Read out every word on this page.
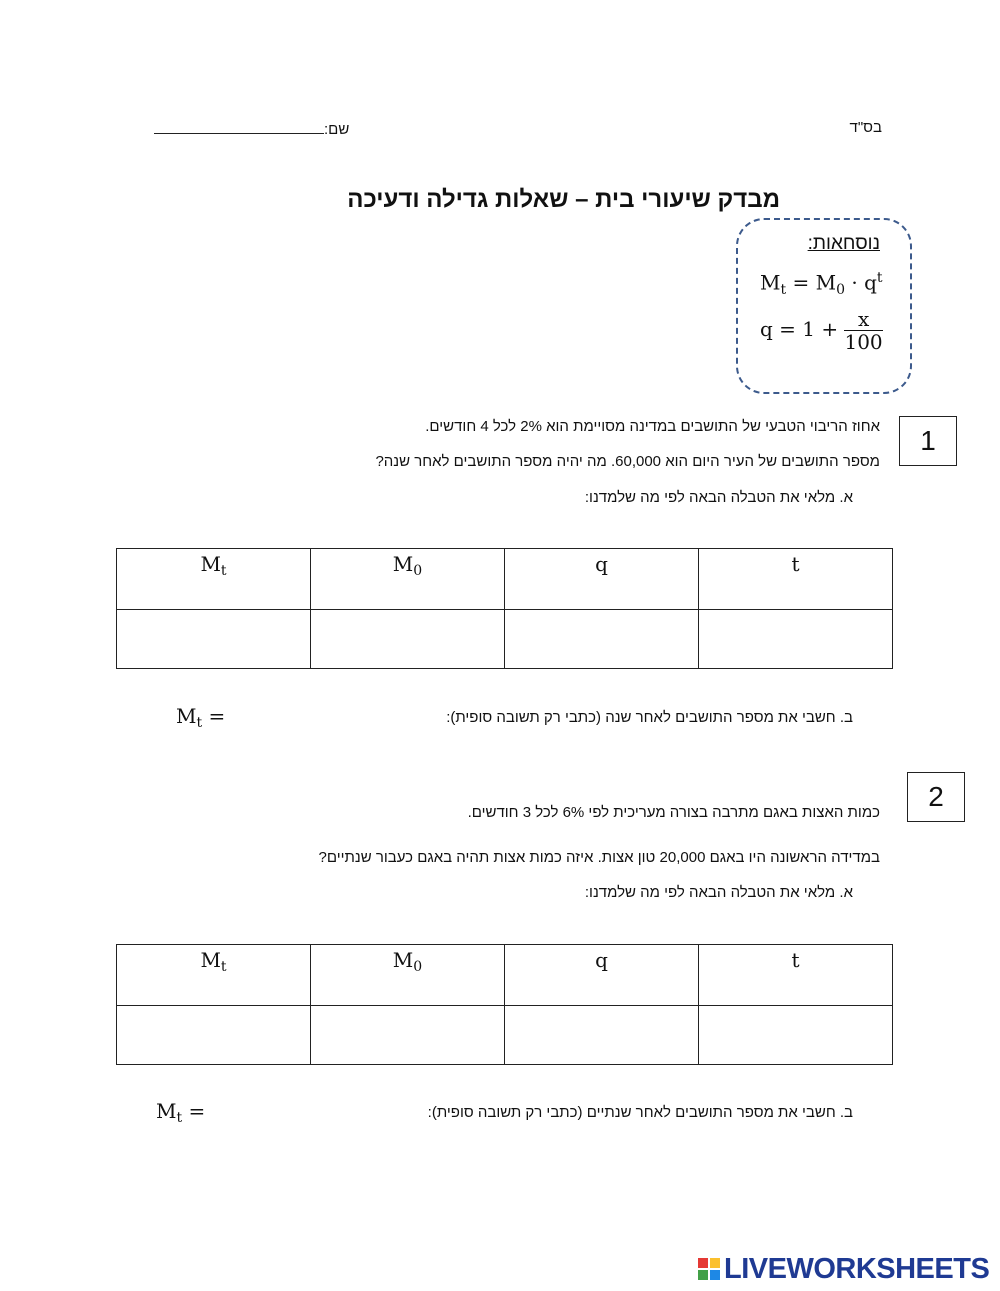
בס"ד
שם:
מבדק שיעורי בית – שאלות גדילה ודעיכה
נוסחאות:
$M_t = M_0 \cdot q^t$
$q = 1 + \frac{x}{100}$
1
אחוז הריבוי הטבעי של התושבים במדינה מסויימת הוא 2% לכל 4 חודשים.
מספר התושבים של העיר היום הוא 60,000. מה יהיה מספר התושבים לאחר שנה?
א. מלאי את הטבלה הבאה לפי מה שלמדנו:
$M_t$	$M_0$	q	t

ב. חשבי את מספר התושבים לאחר שנה (כתבי רק תשובה סופית):
$M_t$ =
2
כמות האצות באגם מתרבה בצורה מעריכית לפי 6% לכל 3 חודשים.
במדידה הראשונה היו באגם 20,000 טון אצות. איזה כמות אצות תהיה באגם כעבור שנתיים?
א. מלאי את הטבלה הבאה לפי מה שלמדנו:
$M_t$	$M_0$	q	t

ב. חשבי את מספר התושבים לאחר שנתיים (כתבי רק תשובה סופית):
$M_t$ =
LIVEWORKSHEETS
